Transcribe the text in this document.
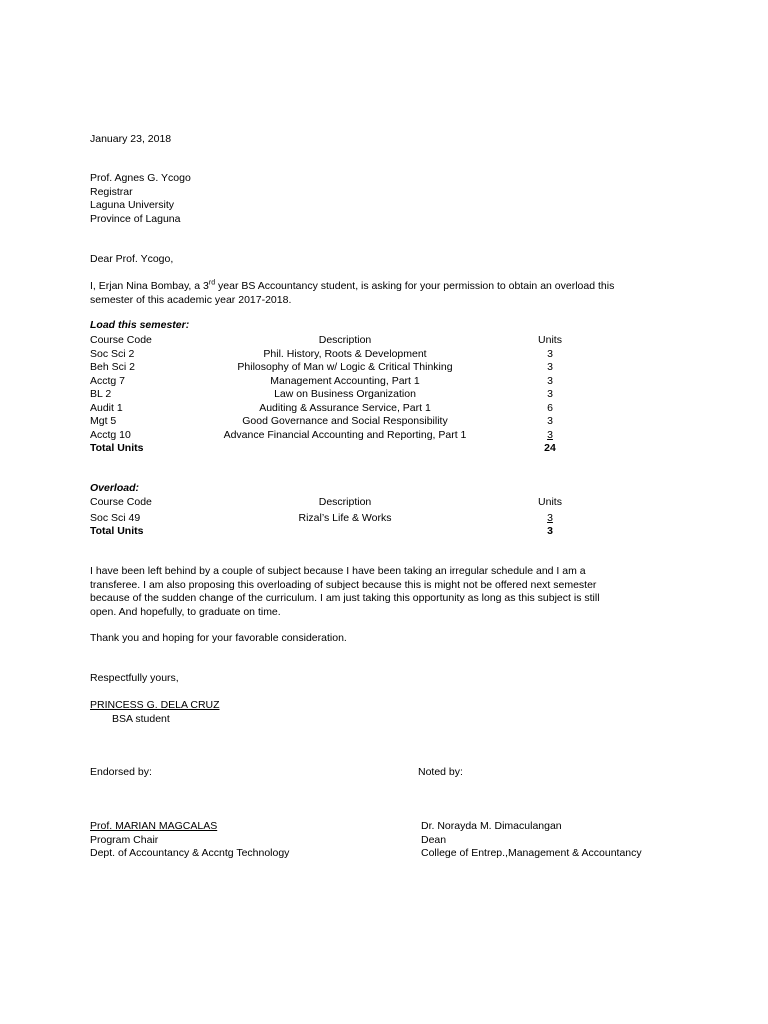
January 23, 2018
Prof. Agnes G. Ycogo
Registrar
Laguna University
Province of Laguna
Dear Prof. Ycogo,
I, Erjan Nina Bombay, a 3rd year BS Accountancy student, is asking for your permission to obtain an overload this
semester of this academic year 2017-2018.
Load this semester:
Course Code	Description	Units
Soc Sci 2	Phil. History, Roots & Development	3
Beh Sci 2	Philosophy of Man w/ Logic & Critical Thinking	3
Acctg 7	Management Accounting, Part 1	3
BL 2	Law on Business Organization	3
Audit 1	Auditing & Assurance Service, Part 1	6
Mgt 5	Good Governance and Social Responsibility	3
Acctg 10	Advance Financial Accounting and Reporting, Part 1	3
Total Units	24
Overload:
Course Code	Description	Units
Soc Sci 49	Rizal’s Life & Works	3
Total Units	3
I have been left behind by a couple of subject because I have been taking an irregular schedule and I am a
transferee. I am also proposing this overloading of subject because this is might not be offered next semester
because of the sudden change of the curriculum. I am just taking this opportunity as long as this subject is still
open. And hopefully, to graduate on time.
Thank you and hoping for your favorable consideration.
Respectfully yours,
PRINCESS G. DELA CRUZ
BSA student
Endorsed by:	Noted by:
Prof. MARIAN MAGCALAS
Program Chair
Dept. of Accountancy & Accntg Technology
Dr. Norayda M. Dimaculangan
Dean
College of Entrep.,Management & Accountancy
